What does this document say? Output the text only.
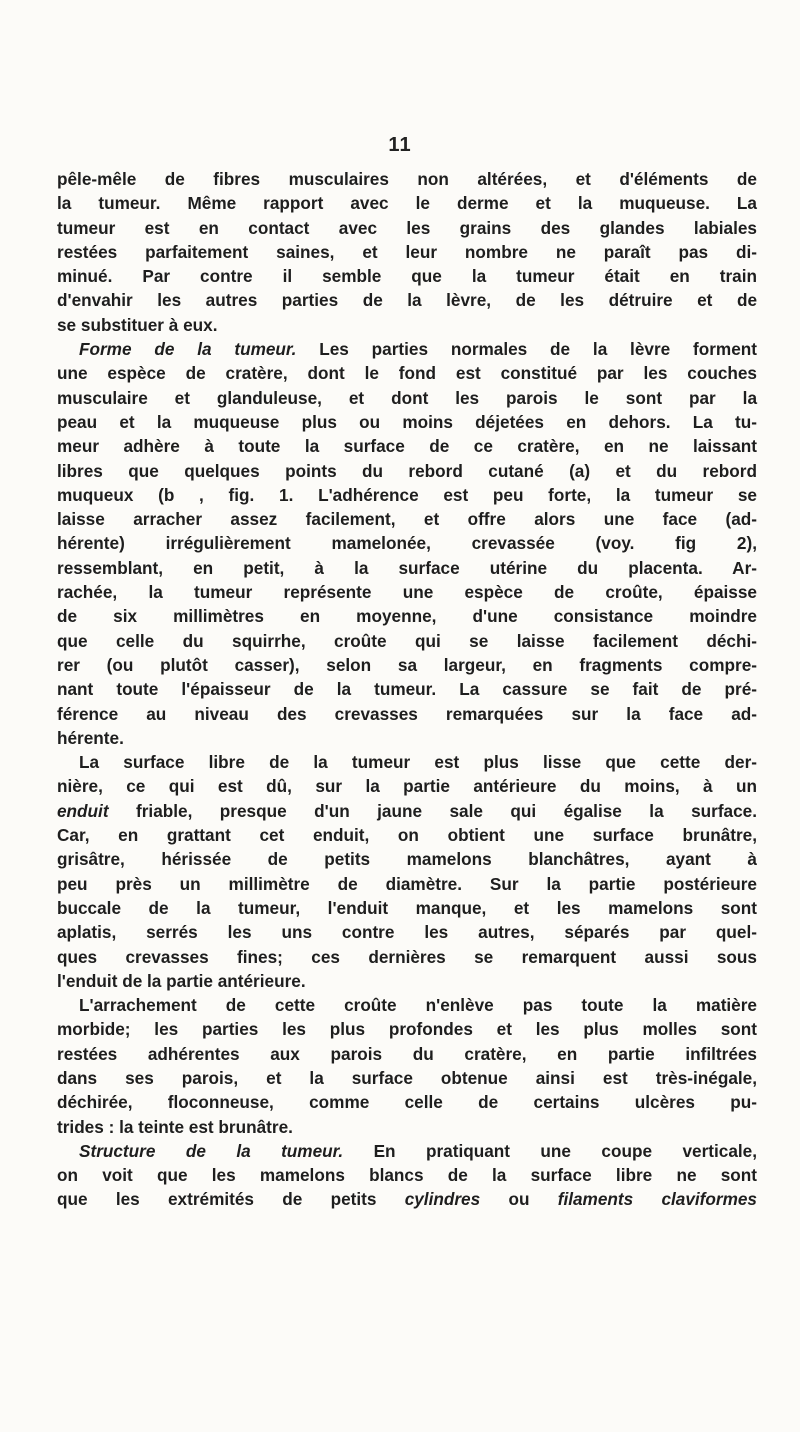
11
pêle-mêle de fibres musculaires non altérées, et d'éléments de
la tumeur. Même rapport avec le derme et la muqueuse. La
tumeur est en contact avec les grains des glandes labiales
restées parfaitement saines, et leur nombre ne paraît pas di-
minué. Par contre il semble que la tumeur était en train
d'envahir les autres parties de la lèvre, de les détruire et de
se substituer à eux.
Forme de la tumeur. Les parties normales de la lèvre forment
une espèce de cratère, dont le fond est constitué par les couches
musculaire et glanduleuse, et dont les parois le sont par la
peau et la muqueuse plus ou moins déjetées en dehors. La tu-
meur adhère à toute la surface de ce cratère, en ne laissant
libres que quelques points du rebord cutané (a) et du rebord
muqueux (b , fig. 1. L'adhérence est peu forte, la tumeur se
laisse arracher assez facilement, et offre alors une face (ad-
hérente) irrégulièrement mamelonée, crevassée (voy. fig 2),
ressemblant, en petit, à la surface utérine du placenta. Ar-
rachée, la tumeur représente une espèce de croûte, épaisse
de six millimètres en moyenne, d'une consistance moindre
que celle du squirrhe, croûte qui se laisse facilement déchi-
rer (ou plutôt casser), selon sa largeur, en fragments compre-
nant toute l'épaisseur de la tumeur. La cassure se fait de pré-
férence au niveau des crevasses remarquées sur la face ad-
hérente.
La surface libre de la tumeur est plus lisse que cette der-
nière, ce qui est dû, sur la partie antérieure du moins, à un
enduit friable, presque d'un jaune sale qui égalise la surface.
Car, en grattant cet enduit, on obtient une surface brunâtre,
grisâtre, hérissée de petits mamelons blanchâtres, ayant à
peu près un millimètre de diamètre. Sur la partie postérieure
buccale de la tumeur, l'enduit manque, et les mamelons sont
aplatis, serrés les uns contre les autres, séparés par quel-
ques crevasses fines; ces dernières se remarquent aussi sous
l'enduit de la partie antérieure.
L'arrachement de cette croûte n'enlève pas toute la matière
morbide; les parties les plus profondes et les plus molles sont
restées adhérentes aux parois du cratère, en partie infiltrées
dans ses parois, et la surface obtenue ainsi est très-inégale,
déchirée, floconneuse, comme celle de certains ulcères pu-
trides : la teinte est brunâtre.
Structure de la tumeur. En pratiquant une coupe verticale,
on voit que les mamelons blancs de la surface libre ne sont
que les extrémités de petits cylindres ou filaments claviformes
